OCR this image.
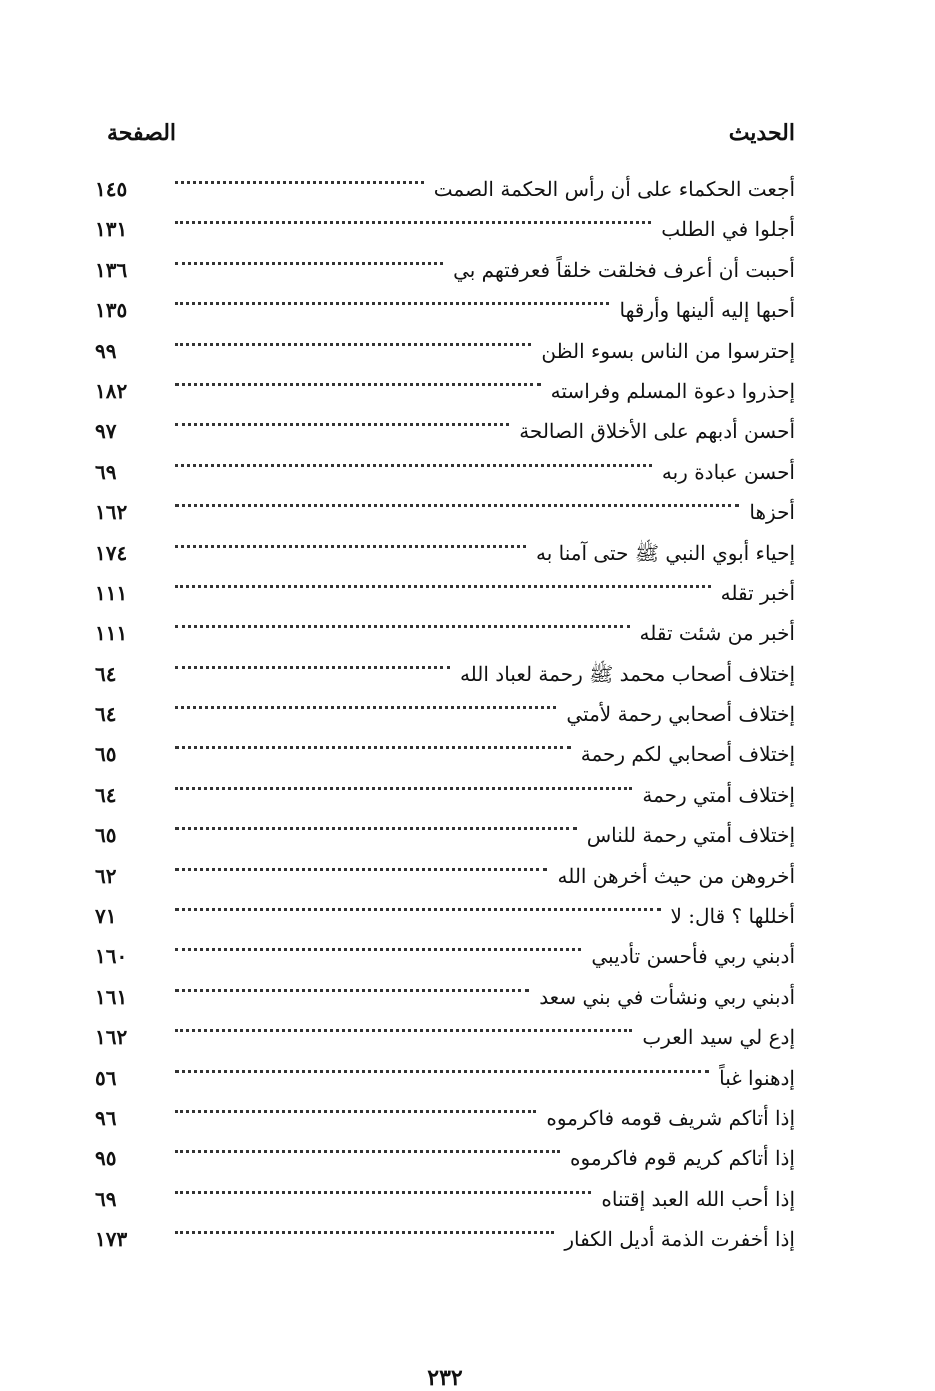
الحديث
الصفحة
أجعت الحكماء على أن رأس الحكمة الصمت
١٤٥
أجلوا في الطلب
١٣١
أحببت أن أعرف فخلقت خلقاً فعرفتهم بي
١٣٦
أحبها إليه ألينها وأرقها
١٣٥
إحترسوا من الناس بسوء الظن
٩٩
إحذروا دعوة المسلم وفراسته
١٨٢
أحسن أدبهم على الأخلاق الصالحة
٩٧
أحسن عبادة ربه
٦٩
أحزها
١٦٢
إحياء أبوي النبي ﷺ حتى آمنا به
١٧٤
أخبر تقله
١١١
أخبر من شئت تقله
١١١
إختلاف أصحاب محمد ﷺ رحمة لعباد الله
٦٤
إختلاف أصحابي رحمة لأمتي
٦٤
إختلاف أصحابي لكم رحمة
٦٥
إختلاف أمتي رحمة
٦٤
إختلاف أمتي رحمة للناس
٦٥
أخروهن من حيث أخرهن الله
٦٢
أخللها ؟ قال: لا
٧١
أدبني ربي فأحسن تأديبي
١٦٠
أدبني ربي ونشأت في بني سعد
١٦١
إدع لي سيد العرب
١٦٢
إدهنوا غباً
٥٦
إذا أتاكم شريف قومه فاكرموه
٩٦
إذا أتاكم كريم قوم فاكرموه
٩٥
إذا أحب الله العبد إقتناه
٦٩
إذا أخفرت الذمة أديل الكفار
١٧٣
٢٣٢
